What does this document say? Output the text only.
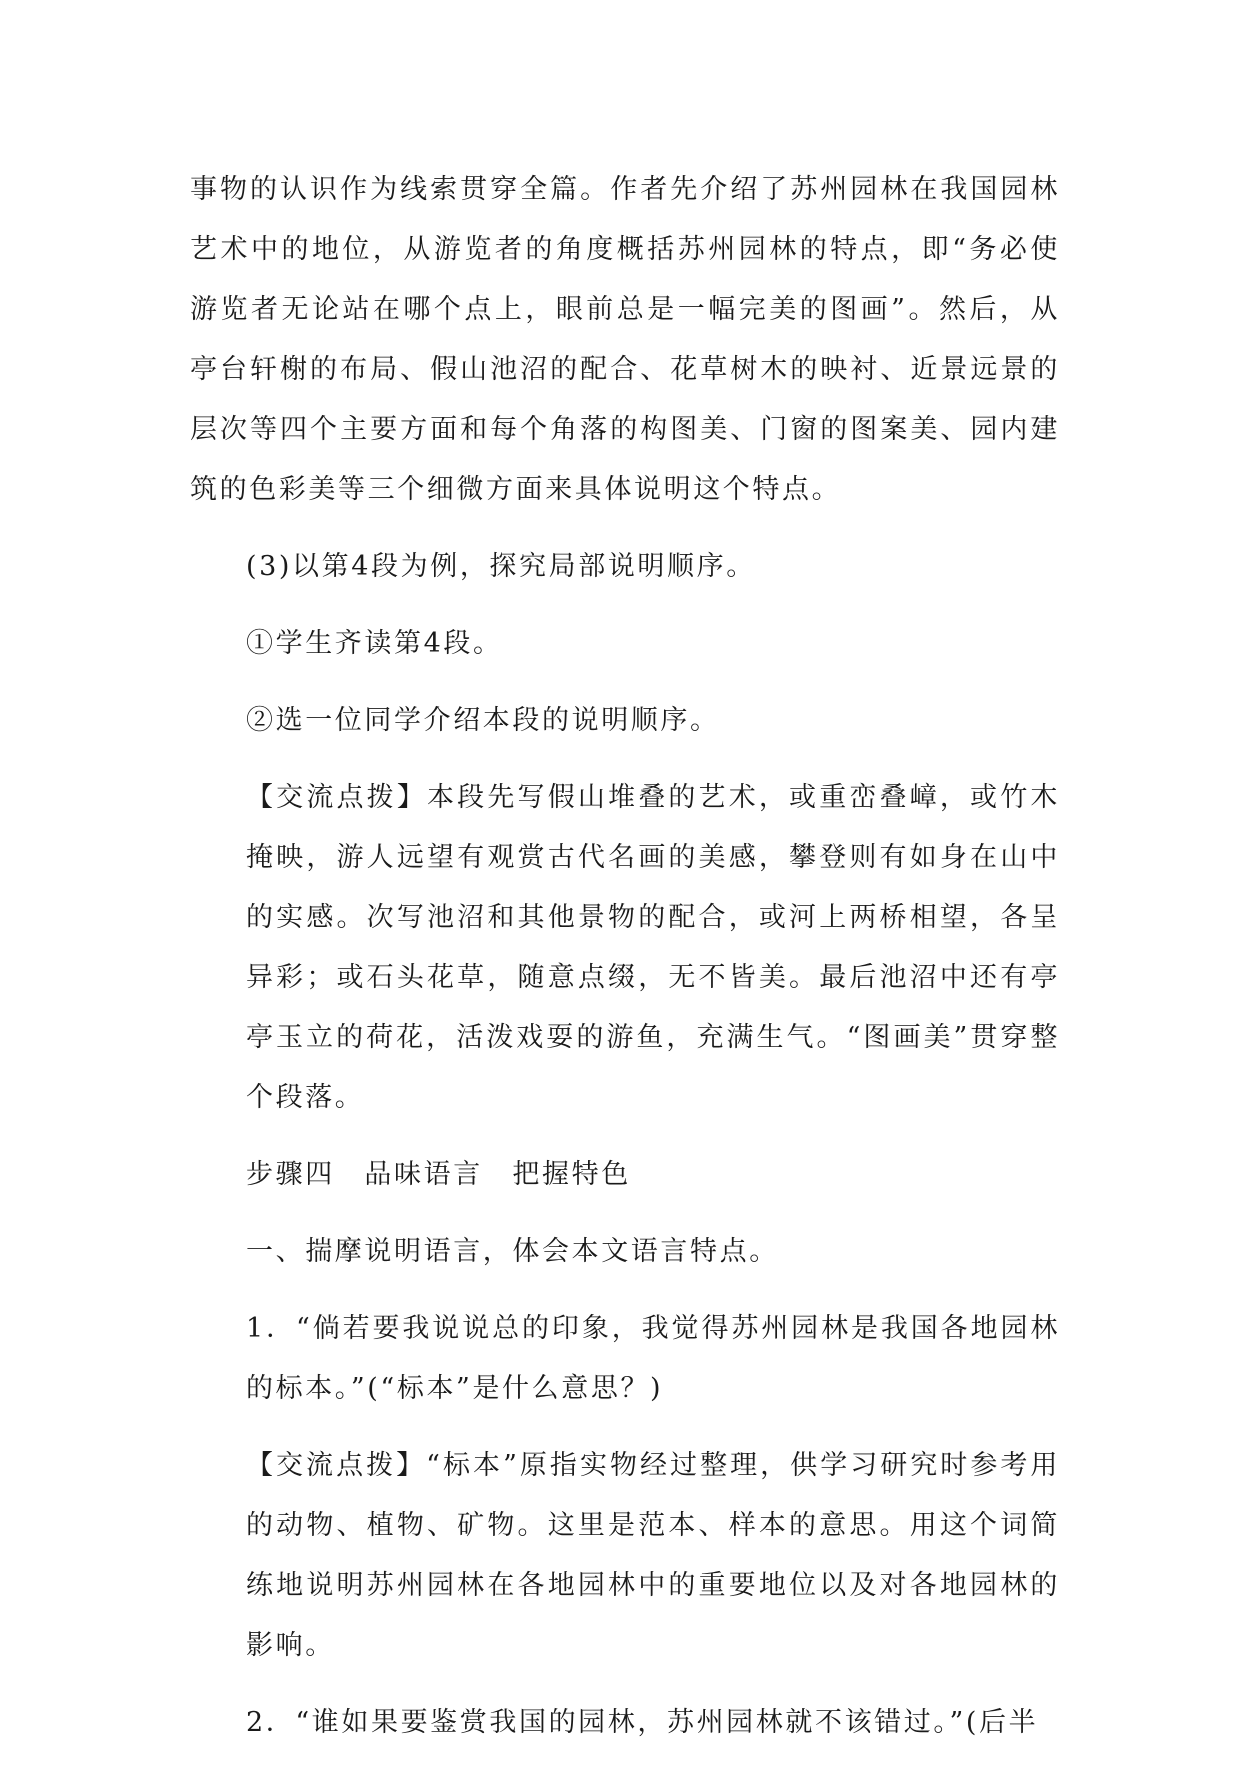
事物的认识作为线索贯穿全篇。作者先介绍了苏州园林在我国园林艺术中的地位，从游览者的角度概括苏州园林的特点，即“务必使游览者无论站在哪个点上，眼前总是一幅完美的图画”。然后，从亭台轩榭的布局、假山池沼的配合、花草树木的映衬、近景远景的层次等四个主要方面和每个角落的构图美、门窗的图案美、园内建筑的色彩美等三个细微方面来具体说明这个特点。

(3)以第4段为例，探究局部说明顺序。

①学生齐读第4段。

②选一位同学介绍本段的说明顺序。

【交流点拨】本段先写假山堆叠的艺术，或重峦叠嶂，或竹木掩映，游人远望有观赏古代名画的美感，攀登则有如身在山中的实感。次写池沼和其他景物的配合，或河上两桥相望，各呈异彩；或石头花草，随意点缀，无不皆美。最后池沼中还有亭亭玉立的荷花，活泼戏耍的游鱼，充满生气。“图画美”贯穿整个段落。

步骤四　品味语言　把握特色

一、揣摩说明语言，体会本文语言特点。

1．“倘若要我说说总的印象，我觉得苏州园林是我国各地园林的标本。”(“标本”是什么意思？)

【交流点拨】“标本”原指实物经过整理，供学习研究时参考用的动物、植物、矿物。这里是范本、样本的意思。用这个词简练地说明苏州园林在各地园林中的重要地位以及对各地园林的影响。

2．“谁如果要鉴赏我国的园林，苏州园林就不该错过。”(后半
